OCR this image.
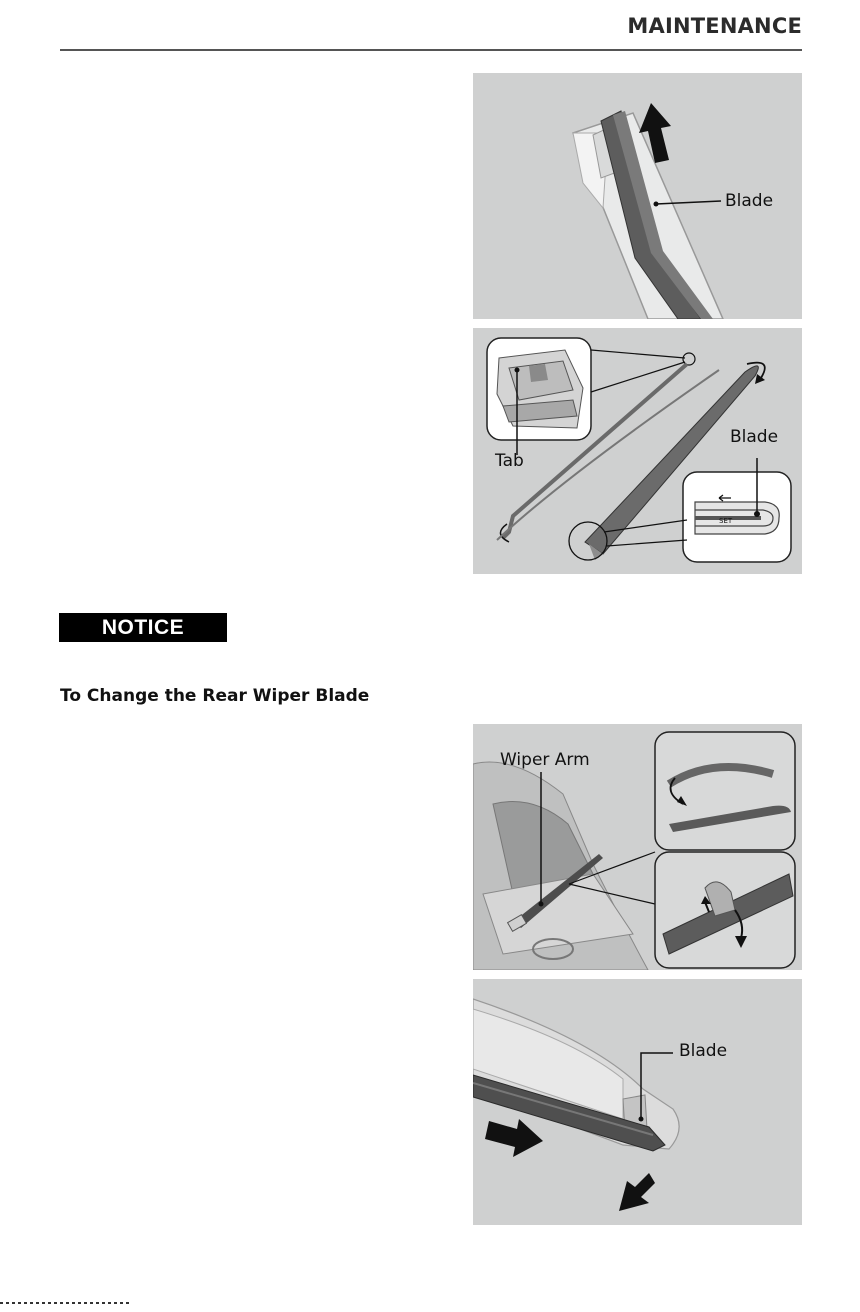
MAINTENANCE
Blade
Tab
Blade
SET
NOTICE
To Change the Rear Wiper Blade
Wiper Arm
Blade
